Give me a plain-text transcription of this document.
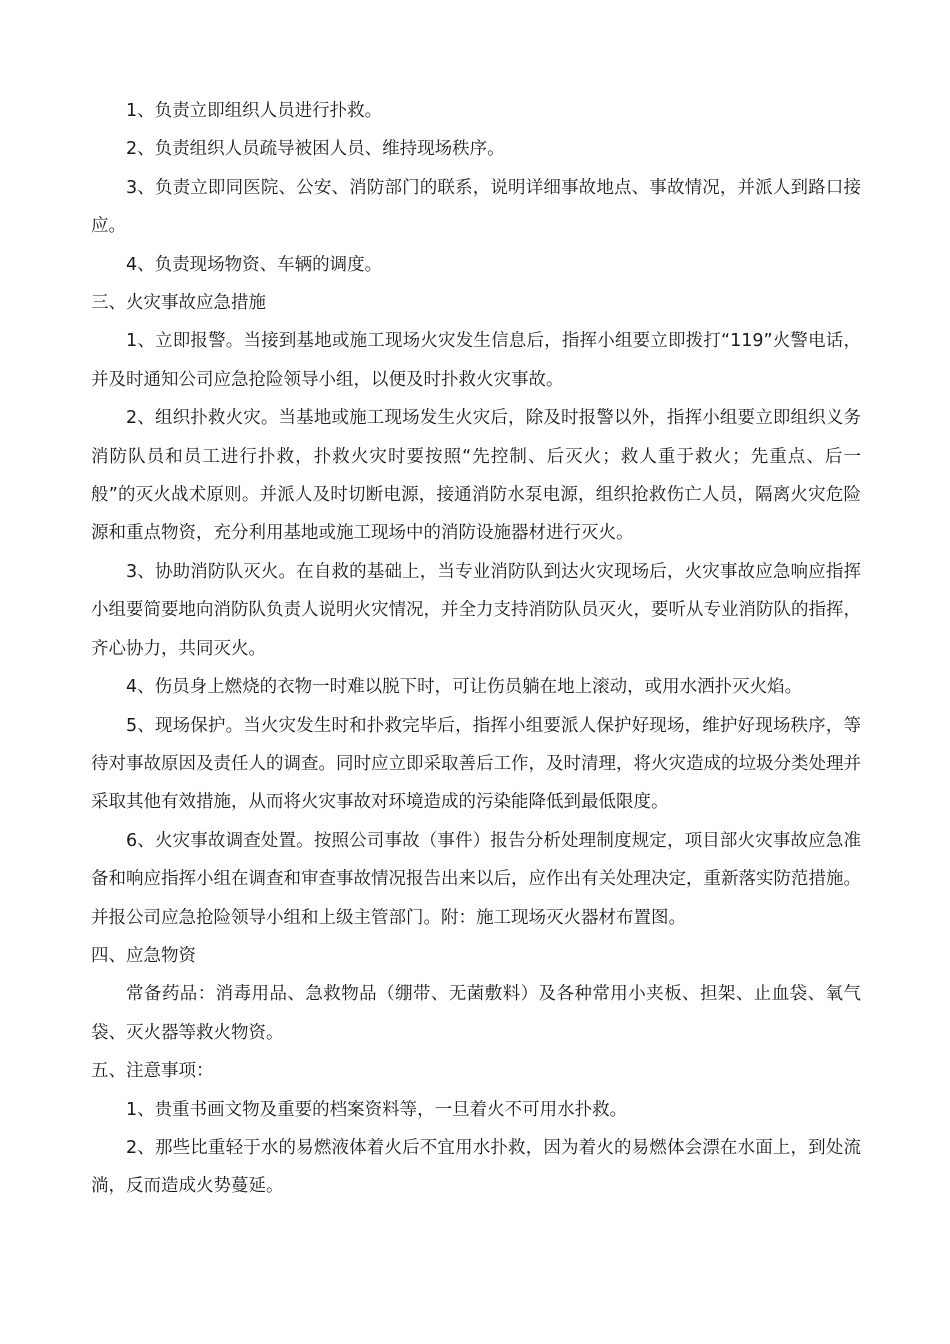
1、负责立即组织人员进行扑救。

2、负责组织人员疏导被困人员、维持现场秩序。

3、负责立即同医院、公安、消防部门的联系，说明详细事故地点、事故情况，并派人到路口接应。

4、负责现场物资、车辆的调度。

三、火灾事故应急措施

1、立即报警。当接到基地或施工现场火灾发生信息后，指挥小组要立即拨打“119”火警电话，并及时通知公司应急抢险领导小组，以便及时扑救火灾事故。

2、组织扑救火灾。当基地或施工现场发生火灾后，除及时报警以外，指挥小组要立即组织义务消防队员和员工进行扑救，扑救火灾时要按照“先控制、后灭火；救人重于救火；先重点、后一般”的灭火战术原则。并派人及时切断电源，接通消防水泵电源，组织抢救伤亡人员，隔离火灾危险源和重点物资，充分利用基地或施工现场中的消防设施器材进行灭火。

3、协助消防队灭火。在自救的基础上，当专业消防队到达火灾现场后，火灾事故应急响应指挥小组要简要地向消防队负责人说明火灾情况，并全力支持消防队员灭火，要听从专业消防队的指挥，齐心协力，共同灭火。

4、伤员身上燃烧的衣物一时难以脱下时，可让伤员躺在地上滚动，或用水洒扑灭火焰。

5、现场保护。当火灾发生时和扑救完毕后，指挥小组要派人保护好现场，维护好现场秩序，等待对事故原因及责任人的调查。同时应立即采取善后工作，及时清理，将火灾造成的垃圾分类处理并采取其他有效措施，从而将火灾事故对环境造成的污染能降低到最低限度。

6、火灾事故调查处置。按照公司事故（事件）报告分析处理制度规定，项目部火灾事故应急准备和响应指挥小组在调查和审查事故情况报告出来以后，应作出有关处理决定，重新落实防范措施。并报公司应急抢险领导小组和上级主管部门。附：施工现场灭火器材布置图。

四、应急物资

常备药品：消毒用品、急救物品（绷带、无菌敷料）及各种常用小夹板、担架、止血袋、氧气袋、灭火器等救火物资。

五、注意事项：

1、贵重书画文物及重要的档案资料等，一旦着火不可用水扑救。

2、那些比重轻于水的易燃液体着火后不宜用水扑救，因为着火的易燃体会漂在水面上，到处流淌，反而造成火势蔓延。
